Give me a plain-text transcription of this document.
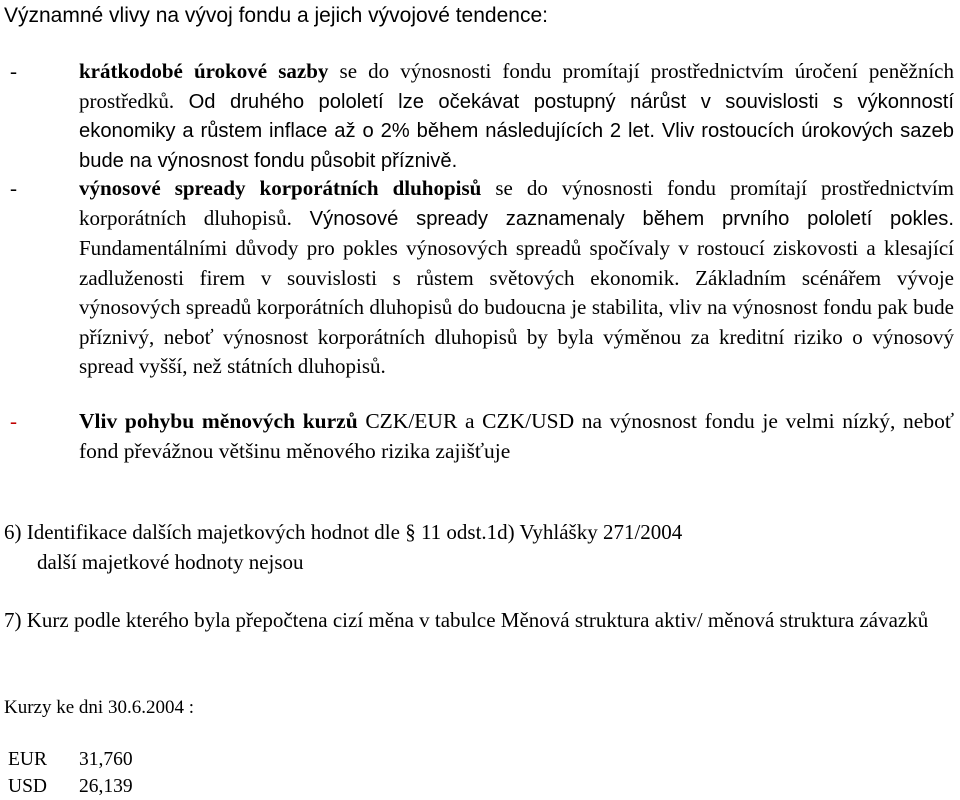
Významné vlivy na vývoj fondu a jejich vývojové tendence:
-	krátkodobé úrokové sazby se do výnosnosti fondu promítají prostřednictvím úročení peněžních prostředků. Od druhého pololetí lze očekávat postupný nárůst v souvislosti s výkonností ekonomiky a růstem inflace až o 2% během následujících 2 let. Vliv rostoucích úrokových sazeb bude na výnosnost fondu působit příznivě.
-	výnosové spready korporátních dluhopisů se do výnosnosti fondu promítají prostřednictvím korporátních dluhopisů. Výnosové spready zaznamenaly během prvního pololetí pokles. Fundamentálními důvody pro pokles výnosových spreadů spočívaly v rostoucí ziskovosti a klesající zadluženosti firem v souvislosti s růstem světových ekonomik. Základním scénářem vývoje výnosových spreadů korporátních dluhopisů do budoucna je stabilita, vliv na výnosnost fondu pak bude příznivý, neboť výnosnost korporátních dluhopisů by byla výměnou za kreditní riziko o výnosový
spread vyšší, než státních dluhopisů.
-	Vliv pohybu měnových kurzů CZK/EUR a CZK/USD na výnosnost fondu je velmi nízký, neboť fond převážnou většinu měnového rizika zajišťuje
6) Identifikace dalších majetkových hodnot dle § 11 odst.1d) Vyhlášky 271/2004
další majetkové hodnoty nejsou
7) Kurz podle kterého byla přepočtena cizí měna v tabulce Měnová struktura aktiv/ měnová struktura závazků
Kurzy ke dni 30.6.2004 :
EUR 31,760
USD 26,139
